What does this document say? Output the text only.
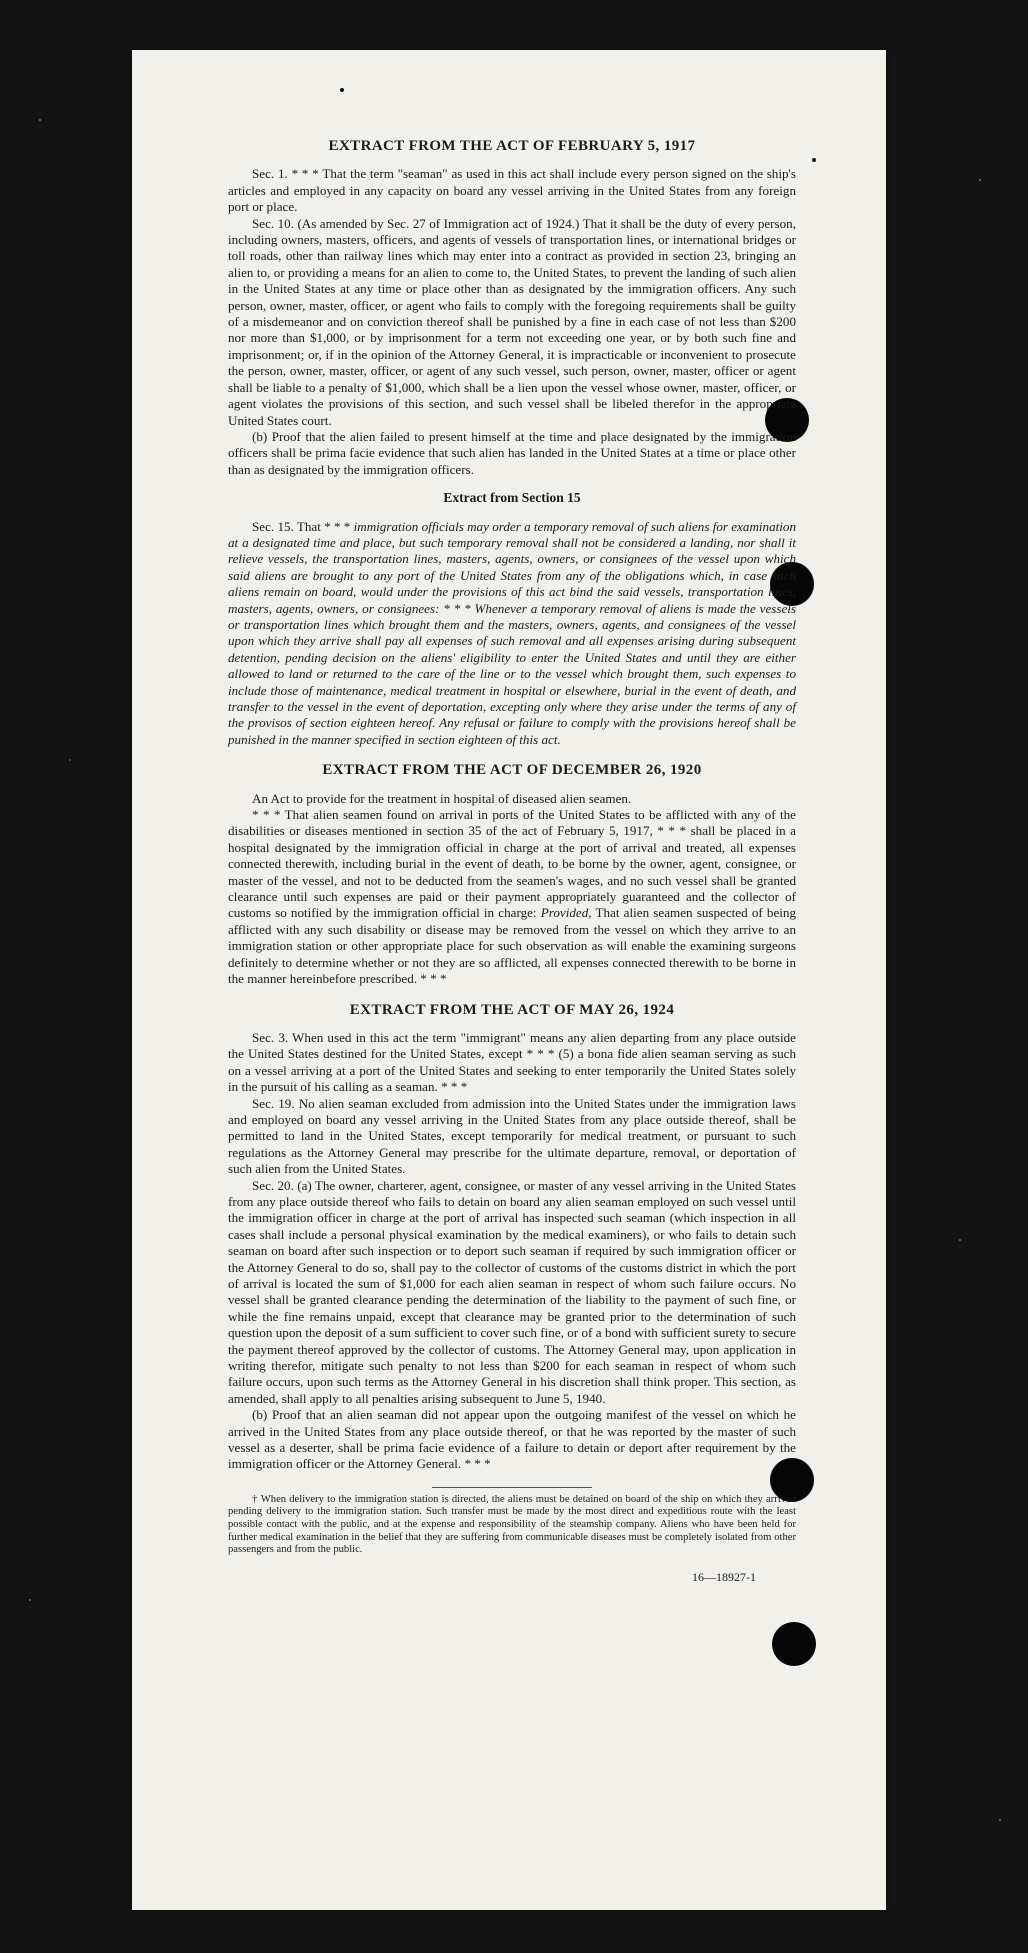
EXTRACT FROM THE ACT OF FEBRUARY 5, 1917

Sec. 1. * * * That the term "seaman" as used in this act shall include every person signed on the ship's articles and employed in any capacity on board any vessel arriving in the United States from any foreign port or place.

Sec. 10. (As amended by Sec. 27 of Immigration act of 1924.) That it shall be the duty of every person, including owners, masters, officers, and agents of vessels of transportation lines, or international bridges or toll roads, other than railway lines which may enter into a contract as provided in section 23, bringing an alien to, or providing a means for an alien to come to, the United States, to prevent the landing of such alien in the United States at any time or place other than as designated by the immigration officers. Any such person, owner, master, officer, or agent who fails to comply with the foregoing requirements shall be guilty of a misdemeanor and on conviction thereof shall be punished by a fine in each case of not less than $200 nor more than $1,000, or by imprisonment for a term not exceeding one year, or by both such fine and imprisonment; or, if in the opinion of the Attorney General, it is impracticable or inconvenient to prosecute the person, owner, master, officer, or agent of any such vessel, such person, owner, master, officer or agent shall be liable to a penalty of $1,000, which shall be a lien upon the vessel whose owner, master, officer, or agent violates the provisions of this section, and such vessel shall be libeled therefor in the appropriate United States court.

(b) Proof that the alien failed to present himself at the time and place designated by the immigration officers shall be prima facie evidence that such alien has landed in the United States at a time or place other than as designated by the immigration officers.

Extract from Section 15

Sec. 15. That * * * immigration officials may order a temporary removal of such aliens for examination at a designated time and place, but such temporary removal shall not be considered a landing, nor shall it relieve vessels, the transportation lines, masters, agents, owners, or consignees of the vessel upon which said aliens are brought to any port of the United States from any of the obligations which, in case such aliens remain on board, would under the provisions of this act bind the said vessels, transportation lines, masters, agents, owners, or consignees: * * * Whenever a temporary removal of aliens is made the vessels or transportation lines which brought them and the masters, owners, agents, and consignees of the vessel upon which they arrive shall pay all expenses of such removal and all expenses arising during subsequent detention, pending decision on the aliens' eligibility to enter the United States and until they are either allowed to land or returned to the care of the line or to the vessel which brought them, such expenses to include those of maintenance, medical treatment in hospital or elsewhere, burial in the event of death, and transfer to the vessel in the event of deportation, excepting only where they arise under the terms of any of the provisos of section eighteen hereof. Any refusal or failure to comply with the provisions hereof shall be punished in the manner specified in section eighteen of this act.

EXTRACT FROM THE ACT OF DECEMBER 26, 1920

An Act to provide for the treatment in hospital of diseased alien seamen.

* * * That alien seamen found on arrival in ports of the United States to be afflicted with any of the disabilities or diseases mentioned in section 35 of the act of February 5, 1917, * * * shall be placed in a hospital designated by the immigration official in charge at the port of arrival and treated, all expenses connected therewith, including burial in the event of death, to be borne by the owner, agent, consignee, or master of the vessel, and not to be deducted from the seamen's wages, and no such vessel shall be granted clearance until such expenses are paid or their payment appropriately guaranteed and the collector of customs so notified by the immigration official in charge: Provided, That alien seamen suspected of being afflicted with any such disability or disease may be removed from the vessel on which they arrive to an immigration station or other appropriate place for such observation as will enable the examining surgeons definitely to determine whether or not they are so afflicted, all expenses connected therewith to be borne in the manner hereinbefore prescribed. * * *

EXTRACT FROM THE ACT OF MAY 26, 1924

Sec. 3. When used in this act the term "immigrant" means any alien departing from any place outside the United States destined for the United States, except * * * (5) a bona fide alien seaman serving as such on a vessel arriving at a port of the United States and seeking to enter temporarily the United States solely in the pursuit of his calling as a seaman. * * *

Sec. 19. No alien seaman excluded from admission into the United States under the immigration laws and employed on board any vessel arriving in the United States from any place outside thereof, shall be permitted to land in the United States, except temporarily for medical treatment, or pursuant to such regulations as the Attorney General may prescribe for the ultimate departure, removal, or deportation of such alien from the United States.

Sec. 20. (a) The owner, charterer, agent, consignee, or master of any vessel arriving in the United States from any place outside thereof who fails to detain on board any alien seaman employed on such vessel until the immigration officer in charge at the port of arrival has inspected such seaman (which inspection in all cases shall include a personal physical examination by the medical examiners), or who fails to detain such seaman on board after such inspection or to deport such seaman if required by such immigration officer or the Attorney General to do so, shall pay to the collector of customs of the customs district in which the port of arrival is located the sum of $1,000 for each alien seaman in respect of whom such failure occurs. No vessel shall be granted clearance pending the determination of the liability to the payment of such fine, or while the fine remains unpaid, except that clearance may be granted prior to the determination of such question upon the deposit of a sum sufficient to cover such fine, or of a bond with sufficient surety to secure the payment thereof approved by the collector of customs. The Attorney General may, upon application in writing therefor, mitigate such penalty to not less than $200 for each seaman in respect of whom such failure occurs, upon such terms as the Attorney General in his discretion shall think proper. This section, as amended, shall apply to all penalties arising subsequent to June 5, 1940.

(b) Proof that an alien seaman did not appear upon the outgoing manifest of the vessel on which he arrived in the United States from any place outside thereof, or that he was reported by the master of such vessel as a deserter, shall be prima facie evidence of a failure to detain or deport after requirement by the immigration officer or the Attorney General. * * *

† When delivery to the immigration station is directed, the aliens must be detained on board of the ship on which they arrived pending delivery to the immigration station. Such transfer must be made by the most direct and expeditious route with the least possible contact with the public, and at the expense and responsibility of the steamship company. Aliens who have been held for further medical examination in the belief that they are suffering from communicable diseases must be completely isolated from other passengers and from the public.

16—18927-1
